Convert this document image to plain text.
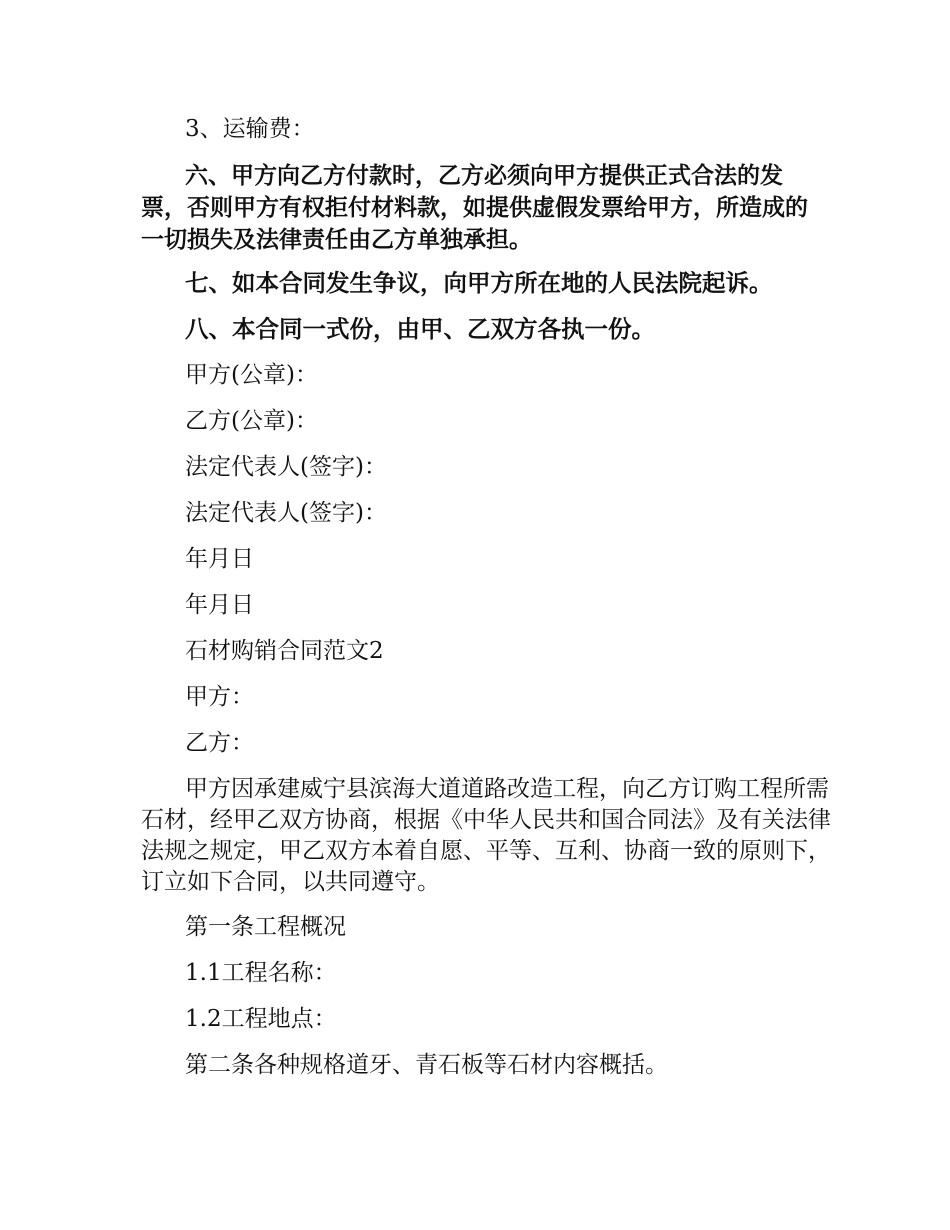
3、运输费：
六、甲方向乙方付款时，乙方必须向甲方提供正式合法的发票，否则甲方有权拒付材料款，如提供虚假发票给甲方，所造成的一切损失及法律责任由乙方单独承担。
七、如本合同发生争议，向甲方所在地的人民法院起诉。
八、本合同一式份，由甲、乙双方各执一份。
甲方(公章)：
乙方(公章)：
法定代表人(签字)：
法定代表人(签字)：
年月日
年月日
石材购销合同范文2
甲方：
乙方：
甲方因承建威宁县滨海大道道路改造工程，向乙方订购工程所需石材，经甲乙双方协商，根据《中华人民共和国合同法》及有关法律法规之规定，甲乙双方本着自愿、平等、互利、协商一致的原则下，订立如下合同，以共同遵守。
第一条工程概况
1.1工程名称：
1.2工程地点：
第二条各种规格道牙、青石板等石材内容概括。
